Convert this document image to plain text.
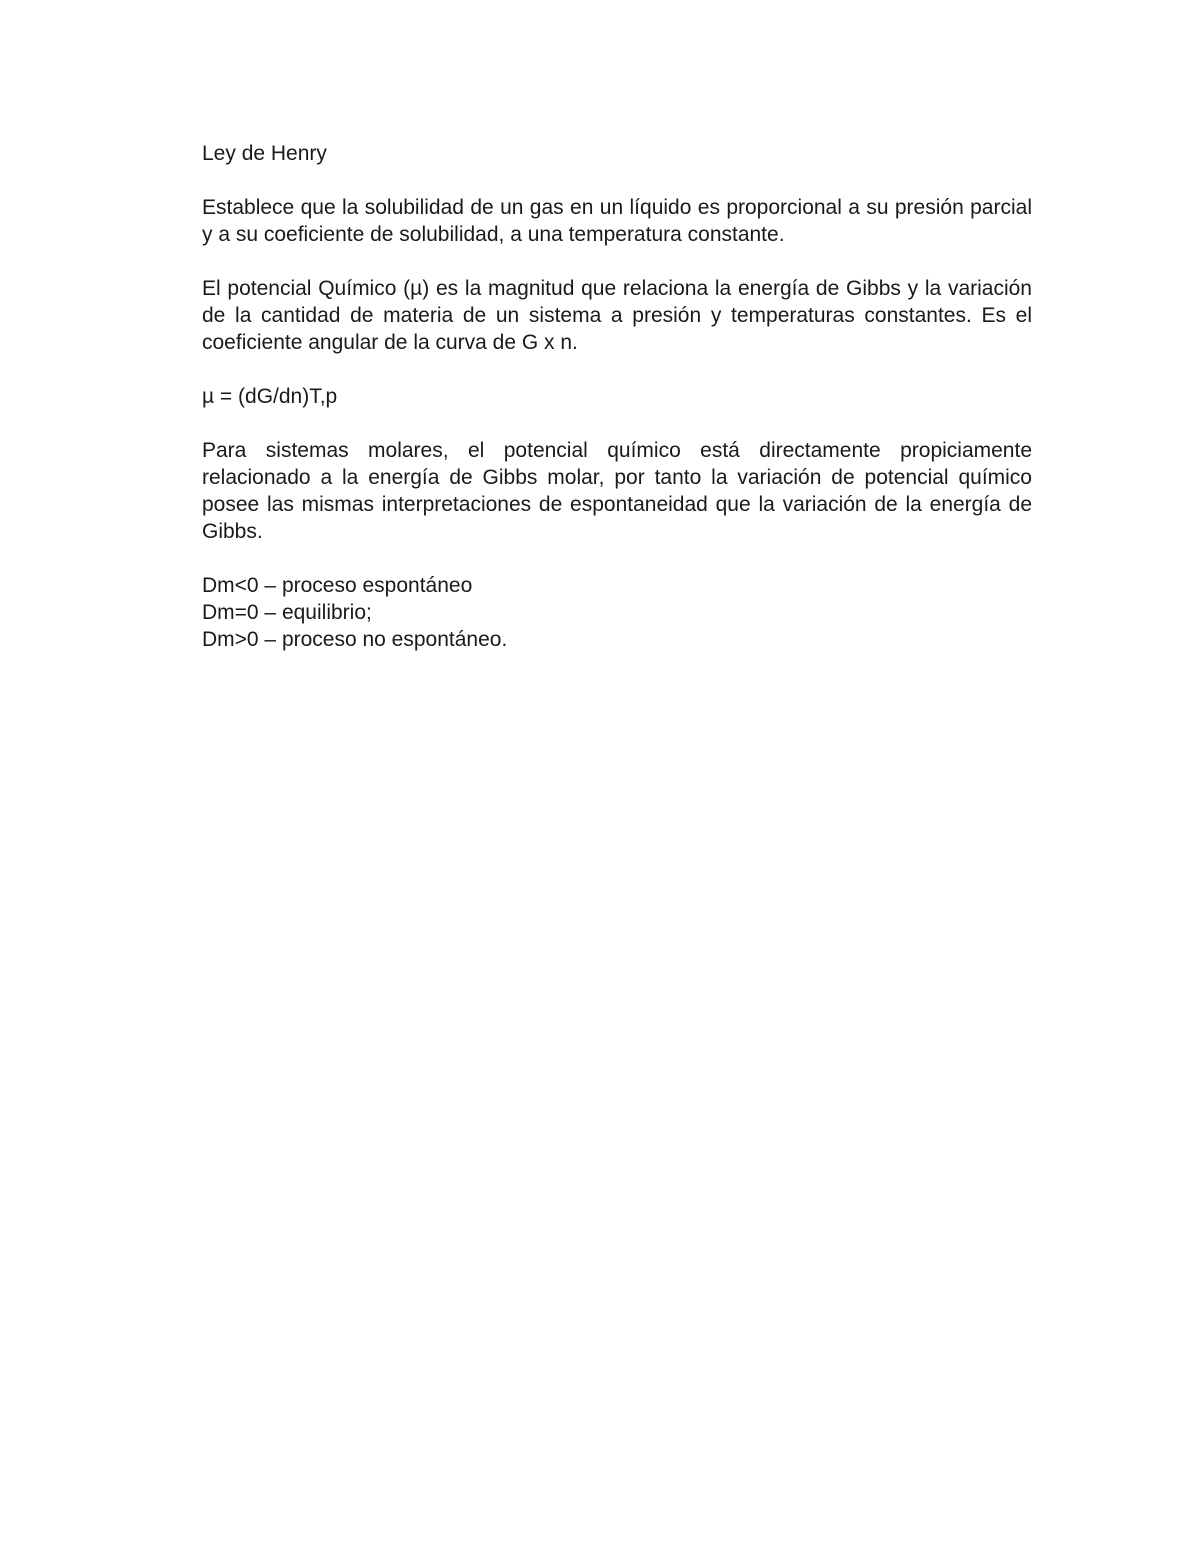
Ley de Henry

Establece que la solubilidad de un gas en un líquido es proporcional a su presión parcial y a su coeficiente de solubilidad, a una temperatura constante.

El potencial Químico (µ) es la magnitud que relaciona la energía de Gibbs y la variación de la cantidad de materia de un sistema a presión y temperaturas constantes. Es el coeficiente angular de la curva de G x n.

µ = (dG/dn)T,p

Para sistemas molares, el potencial químico está directamente propiciamente relacionado a la energía de Gibbs molar, por tanto la variación de potencial químico posee las mismas interpretaciones de espontaneidad que la variación de la energía de Gibbs.

Dm<0 – proceso espontáneo
Dm=0 – equilibrio;
Dm>0 – proceso no espontáneo.
